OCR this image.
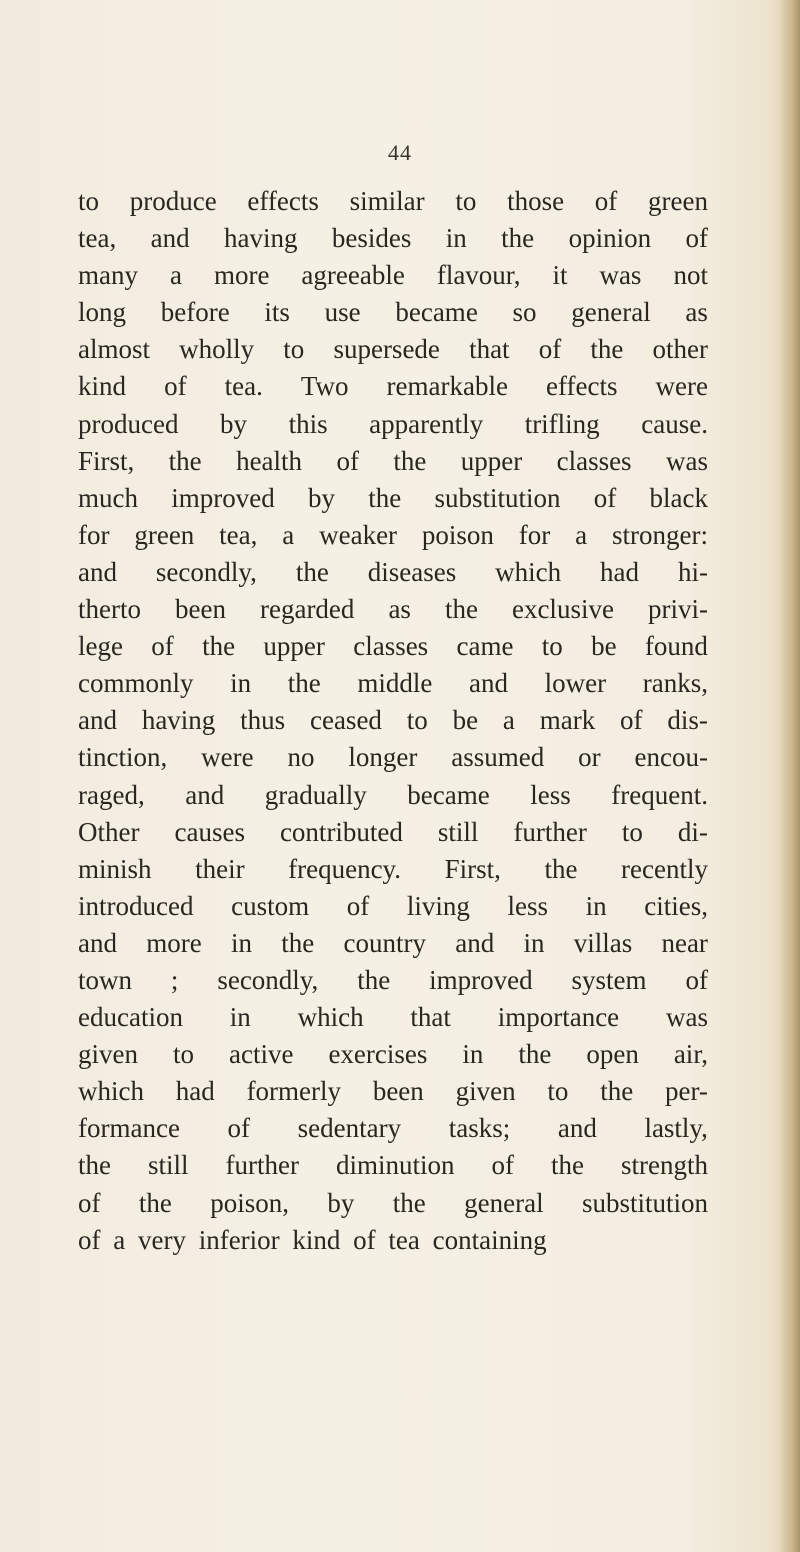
44
to produce effects similar to those of green
tea, and having besides in the opinion of
many a more agreeable flavour, it was not
long before its use became so general as
almost wholly to supersede that of the other
kind of tea. Two remarkable effects were
produced by this apparently trifling cause.
First, the health of the upper classes was
much improved by the substitution of black
for green tea, a weaker poison for a stronger:
and secondly, the diseases which had hi-
therto been regarded as the exclusive privi-
lege of the upper classes came to be found
commonly in the middle and lower ranks,
and having thus ceased to be a mark of dis-
tinction, were no longer assumed or encou-
raged, and gradually became less frequent.
Other causes contributed still further to di-
minish their frequency. First, the recently
introduced custom of living less in cities,
and more in the country and in villas near
town ; secondly, the improved system of
education in which that importance was
given to active exercises in the open air,
which had formerly been given to the per-
formance of sedentary tasks; and lastly,
the still further diminution of the strength
of the poison, by the general substitution
of a very inferior kind of tea containing
